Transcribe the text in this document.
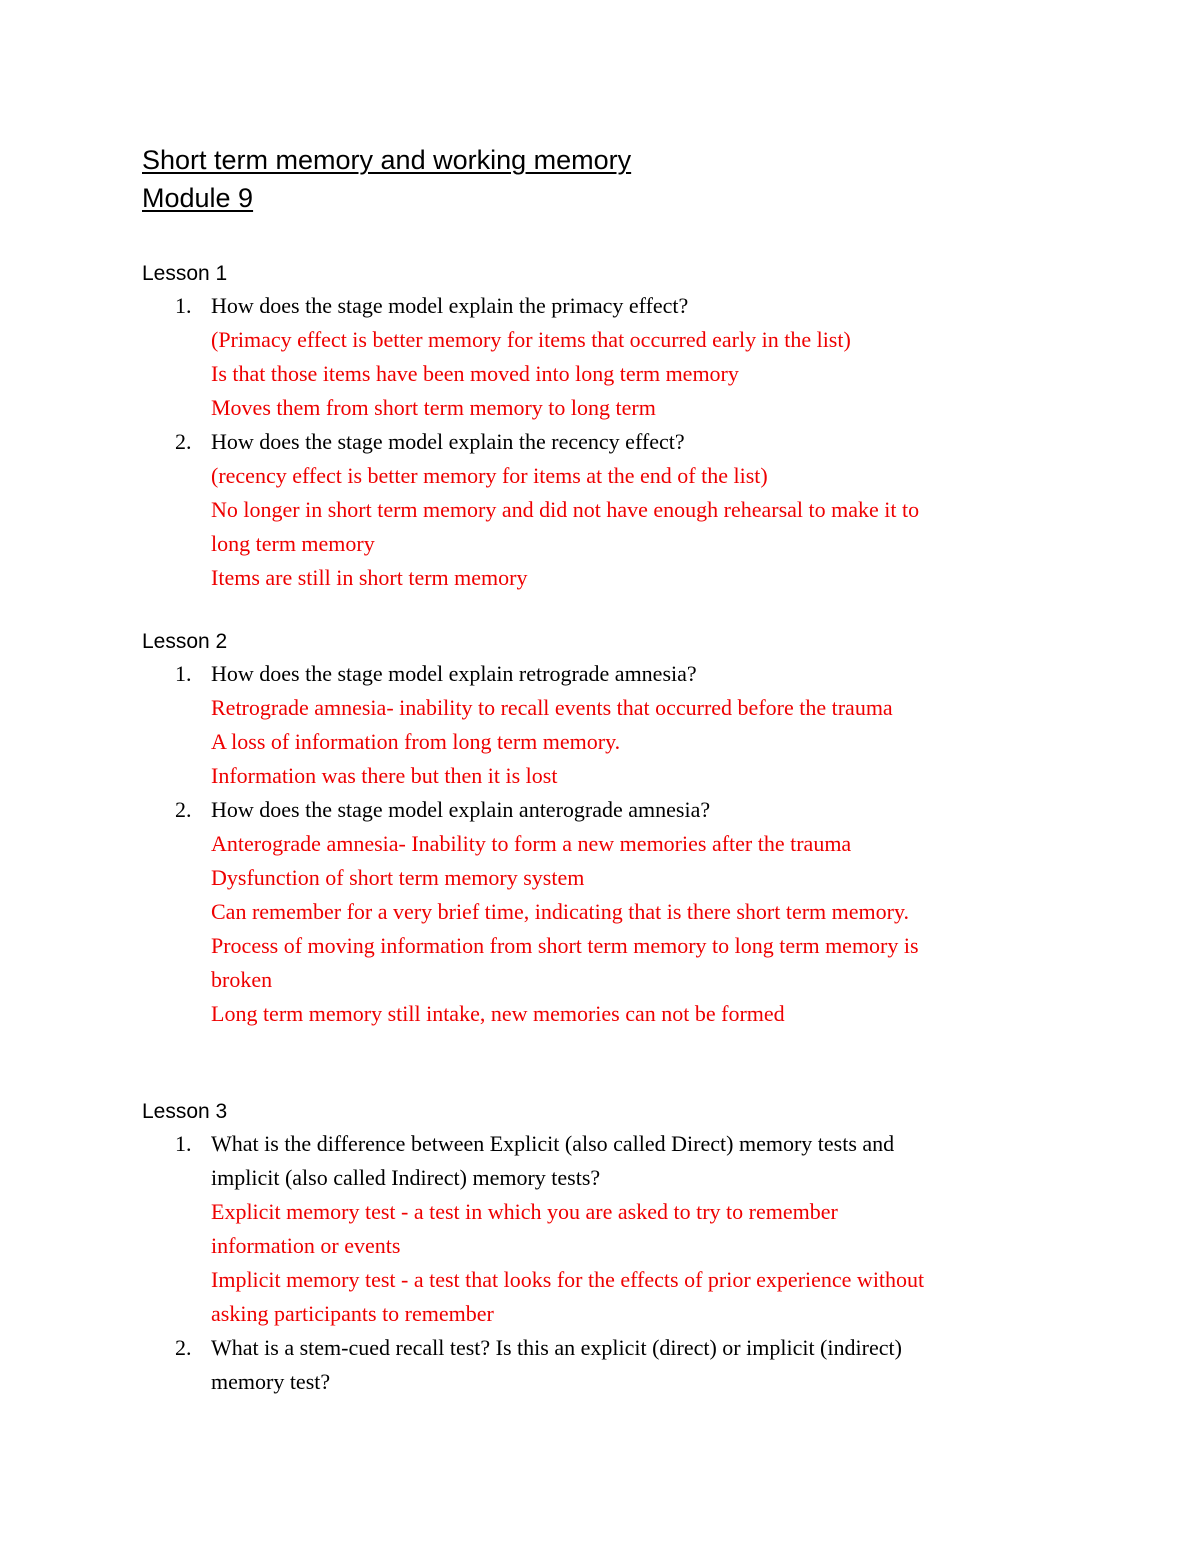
Short term memory and working memory
Module 9
Lesson 1
1. How does the stage model explain the primacy effect?
(Primacy effect is better memory for items that occurred early in the list)
Is that those items have been moved into long term memory
Moves them from short term memory to long term
2. How does the stage model explain the recency effect?
(recency effect is better memory for items at the end of the list)
No longer in short term memory and did not have enough rehearsal to make it to
long term memory
Items are still in short term memory
Lesson 2
1. How does the stage model explain retrograde amnesia?
Retrograde amnesia- inability to recall events that occurred before the trauma
A loss of information from long term memory.
Information was there but then it is lost
2. How does the stage model explain anterograde amnesia?
Anterograde amnesia- Inability to form a new memories after the trauma
Dysfunction of short term memory system
Can remember for a very brief time, indicating that is there short term memory.
Process of moving information from short term memory to long term memory is
broken
Long term memory still intake, new memories can not be formed
Lesson 3
1. What is the difference between Explicit (also called Direct) memory tests and
implicit (also called Indirect) memory tests?
Explicit memory test - a test in which you are asked to try to remember
information or events
Implicit memory test - a test that looks for the effects of prior experience without
asking participants to remember
2. What is a stem-cued recall test? Is this an explicit (direct) or implicit (indirect)
memory test?
